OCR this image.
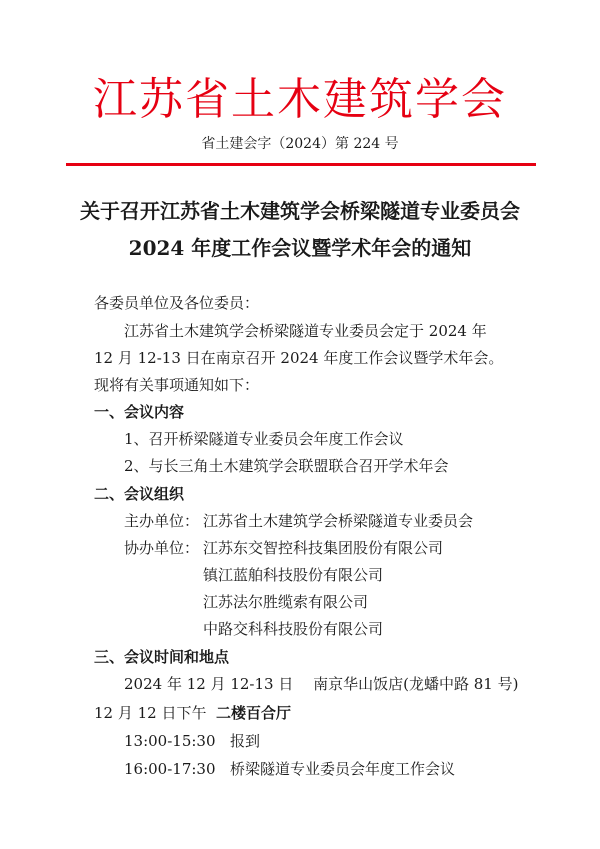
江苏省土木建筑学会
省土建会字（2024）第 224 号
关于召开江苏省土木建筑学会桥梁隧道专业委员会
2024 年度工作会议暨学术年会的通知
各委员单位及各位委员：
江苏省土木建筑学会桥梁隧道专业委员会定于 2024 年
12 月 12-13 日在南京召开 2024 年度工作会议暨学术年会。
现将有关事项通知如下：
一、会议内容
1、召开桥梁隧道专业委员会年度工作会议
2、与长三角土木建筑学会联盟联合召开学术年会
二、会议组织
主办单位： 江苏省土木建筑学会桥梁隧道专业委员会
协办单位： 江苏东交智控科技集团股份有限公司
镇江蓝舶科技股份有限公司
江苏法尔胜缆索有限公司
中路交科科技股份有限公司
三、会议时间和地点
2024 年 12 月 12-13 日　 南京华山饭店(龙蟠中路 81 号)
12 月 12 日下午 二楼百合厅
13:00-15:30 报到
16:00-17:30 桥梁隧道专业委员会年度工作会议
